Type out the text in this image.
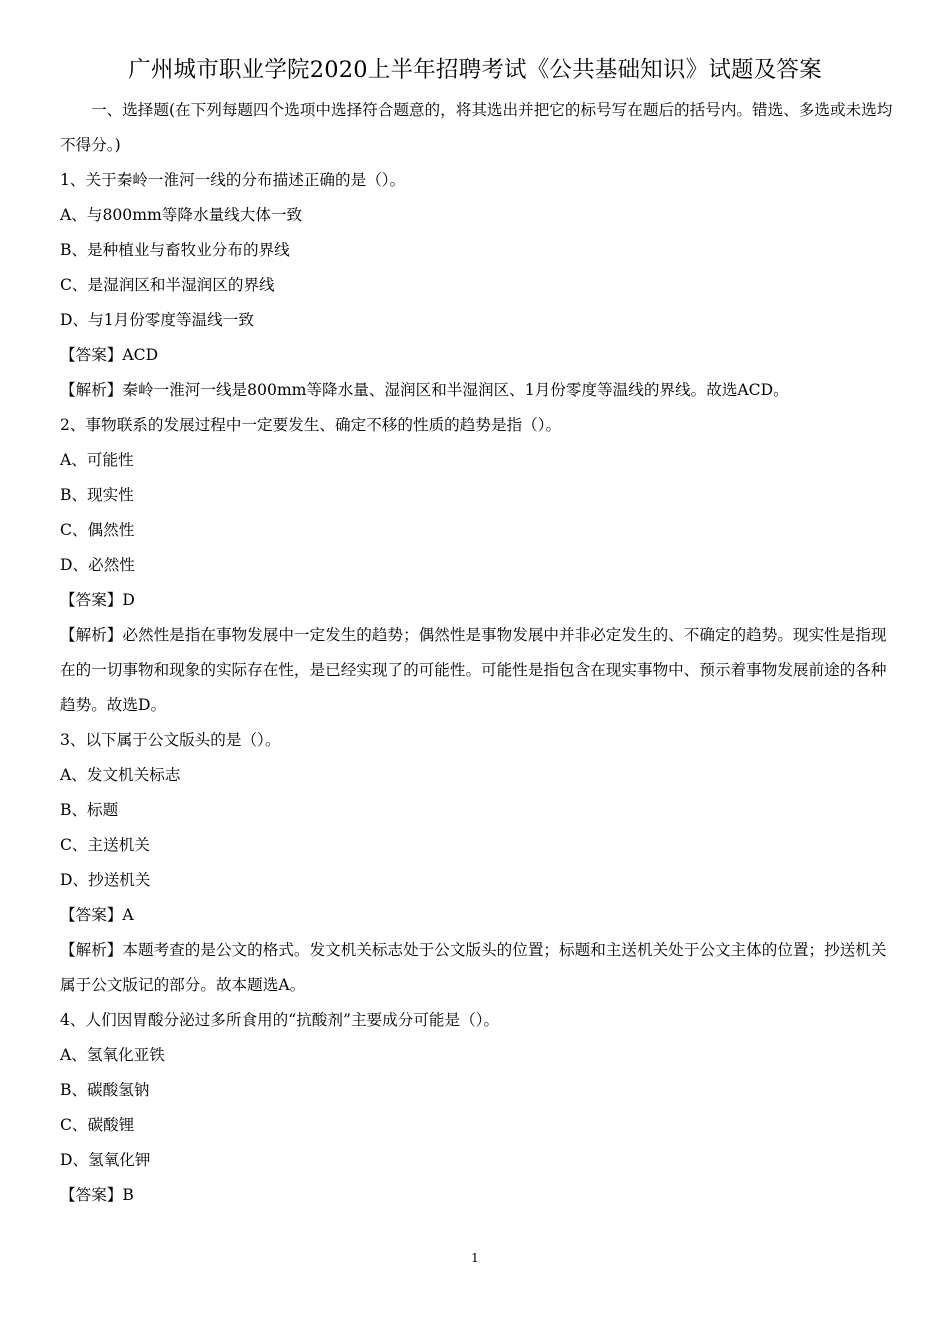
广州城市职业学院2020上半年招聘考试《公共基础知识》试题及答案

一、选择题(在下列每题四个选项中选择符合题意的，将其选出并把它的标号写在题后的括号内。错选、多选或未选均不得分。)

1、关于秦岭一淮河一线的分布描述正确的是（）。

A、与800mm等降水量线大体一致

B、是种植业与畜牧业分布的界线

C、是湿润区和半湿润区的界线

D、与1月份零度等温线一致

【答案】ACD

【解析】秦岭一淮河一线是800mm等降水量、湿润区和半湿润区、1月份零度等温线的界线。故选ACD。

2、事物联系的发展过程中一定要发生、确定不移的性质的趋势是指（）。

A、可能性

B、现实性

C、偶然性

D、必然性

【答案】D

【解析】必然性是指在事物发展中一定发生的趋势；偶然性是事物发展中并非必定发生的、不确定的趋势。现实性是指现在的一切事物和现象的实际存在性，是已经实现了的可能性。可能性是指包含在现实事物中、预示着事物发展前途的各种趋势。故选D。

3、以下属于公文版头的是（）。

A、发文机关标志

B、标题

C、主送机关

D、抄送机关

【答案】A

【解析】本题考查的是公文的格式。发文机关标志处于公文版头的位置；标题和主送机关处于公文主体的位置；抄送机关属于公文版记的部分。故本题选A。

4、人们因胃酸分泌过多所食用的“抗酸剂”主要成分可能是（）。

A、氢氧化亚铁

B、碳酸氢钠

C、碳酸锂

D、氢氧化钾

【答案】B

1
